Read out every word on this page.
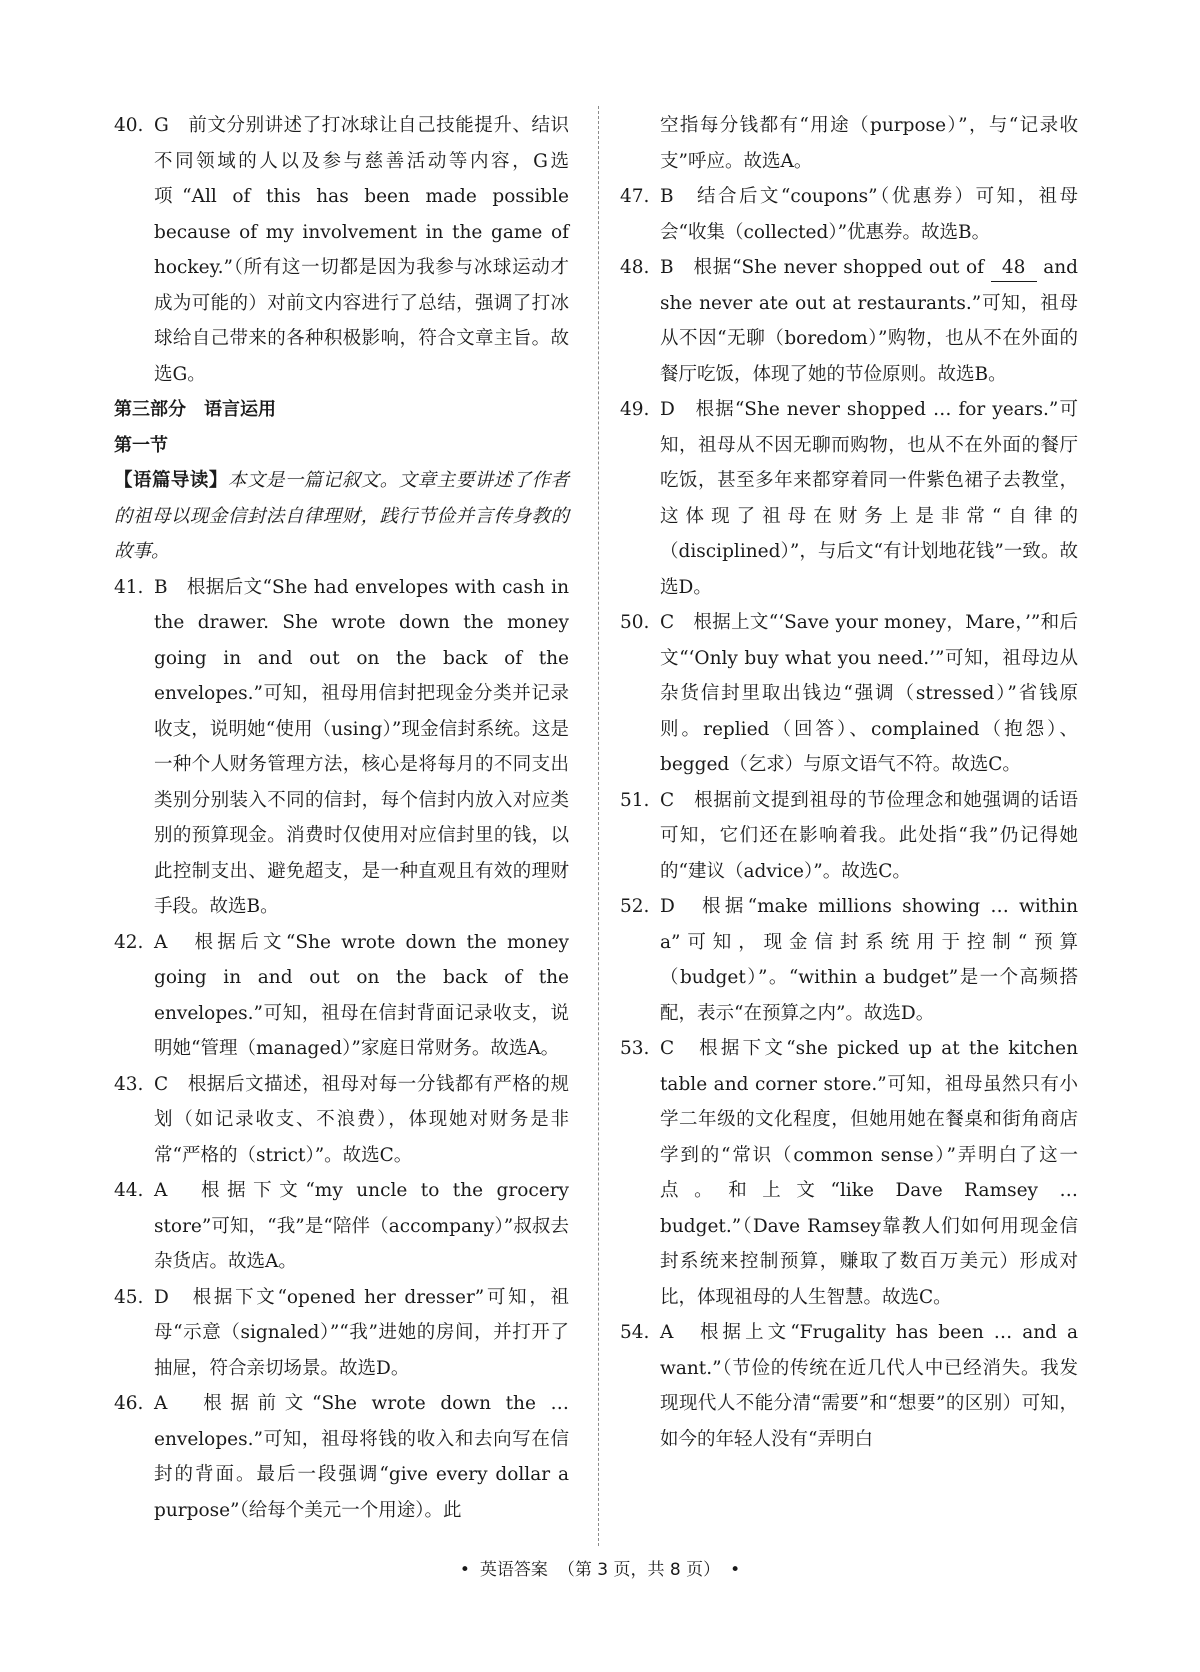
40. G　前文分别讲述了打冰球让自己技能提升、结识不同领域的人以及参与慈善活动等内容，G选项“All of this has been made possible because of my involvement in the game of hockey.”（所有这一切都是因为我参与冰球运动才成为可能的）对前文内容进行了总结，强调了打冰球给自己带来的各种积极影响，符合文章主旨。故选G。
第三部分　语言运用
第一节
【语篇导读】本文是一篇记叙文。文章主要讲述了作者的祖母以现金信封法自律理财，践行节俭并言传身教的故事。
41. B　根据后文“She had envelopes with cash in the drawer. She wrote down the money going in and out on the back of the envelopes.”可知，祖母用信封把现金分类并记录收支，说明她“使用（using）”现金信封系统。这是一种个人财务管理方法，核心是将每月的不同支出类别分别装入不同的信封，每个信封内放入对应类别的预算现金。消费时仅使用对应信封里的钱，以此控制支出、避免超支，是一种直观且有效的理财手段。故选B。
42. A　根据后文“She wrote down the money going in and out on the back of the envelopes.”可知，祖母在信封背面记录收支，说明她“管理（managed）”家庭日常财务。故选A。
43. C　根据后文描述，祖母对每一分钱都有严格的规划（如记录收支、不浪费），体现她对财务是非常“严格的（strict）”。故选C。
44. A　根据下文“my uncle to the grocery store”可知，“我”是“陪伴（accompany）”叔叔去杂货店。故选A。
45. D　根据下文“opened her dresser”可知，祖母“示意（signaled）”“我”进她的房间，并打开了抽屉，符合亲切场景。故选D。
46. A　根据前文“She wrote down the … envelopes.”可知，祖母将钱的收入和去向写在信封的背面。最后一段强调“give every dollar a purpose”（给每个美元一个用途）。此
空指每分钱都有“用途（purpose）”，与“记录收支”呼应。故选A。
47. B　结合后文“coupons”（优惠券）可知，祖母会“收集（collected）”优惠券。故选B。
48. B　根据“She never shopped out of 48 and she never ate out at restaurants.”可知，祖母从不因“无聊（boredom）”购物，也从不在外面的餐厅吃饭，体现了她的节俭原则。故选B。
49. D　根据“She never shopped … for years.”可知，祖母从不因无聊而购物，也从不在外面的餐厅吃饭，甚至多年来都穿着同一件紫色裙子去教堂，这体现了祖母在财务上是非常“自律的（disciplined）”，与后文“有计划地花钱”一致。故选D。
50. C　根据上文“‘Save your money，Mare，’”和后文“‘Only buy what you need.’”可知，祖母边从杂货信封里取出钱边“强调（stressed）”省钱原则。replied（回答）、complained（抱怨）、begged（乞求）与原文语气不符。故选C。
51. C　根据前文提到祖母的节俭理念和她强调的话语可知，它们还在影响着我。此处指“我”仍记得她的“建议（advice）”。故选C。
52. D　根据“make millions showing … within a”可知，现金信封系统用于控制“预算（budget）”。“within a budget”是一个高频搭配，表示“在预算之内”。故选D。
53. C　根据下文“she picked up at the kitchen table and corner store.”可知，祖母虽然只有小学二年级的文化程度，但她用她在餐桌和街角商店学到的“常识（common sense）”弄明白了这一点。和上文“like Dave Ramsey … budget.”（Dave Ramsey靠教人们如何用现金信封系统来控制预算，赚取了数百万美元）形成对比，体现祖母的人生智慧。故选C。
54. A　根据上文“Frugality has been … and a want.”（节俭的传统在近几代人中已经消失。我发现现代人不能分清“需要”和“想要”的区别）可知，如今的年轻人没有“弄明白
• 英语答案 （第 3 页，共 8 页） •
